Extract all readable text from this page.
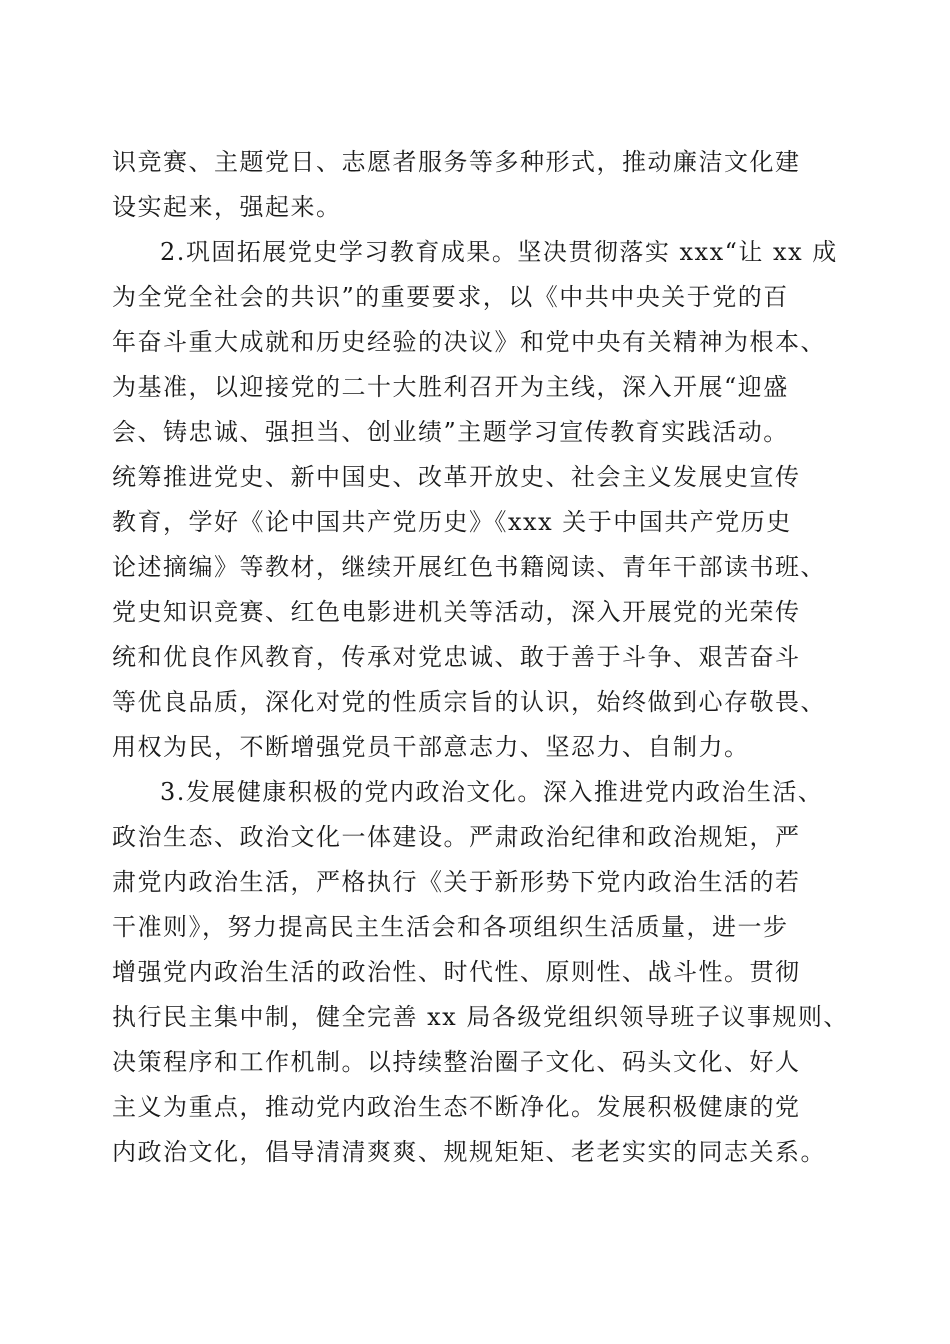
识竞赛、主题党日、志愿者服务等多种形式，推动廉洁文化建
设实起来，强起来。
2.巩固拓展党史学习教育成果。坚决贯彻落实 xxx“让 xx 成
为全党全社会的共识”的重要要求，以《中共中央关于党的百
年奋斗重大成就和历史经验的决议》和党中央有关精神为根本、
为基准，以迎接党的二十大胜利召开为主线，深入开展“迎盛
会、铸忠诚、强担当、创业绩”主题学习宣传教育实践活动。
统筹推进党史、新中国史、改革开放史、社会主义发展史宣传
教育，学好《论中国共产党历史》《xxx 关于中国共产党历史
论述摘编》等教材，继续开展红色书籍阅读、青年干部读书班、
党史知识竞赛、红色电影进机关等活动，深入开展党的光荣传
统和优良作风教育，传承对党忠诚、敢于善于斗争、艰苦奋斗
等优良品质，深化对党的性质宗旨的认识，始终做到心存敬畏、
用权为民，不断增强党员干部意志力、坚忍力、自制力。
3.发展健康积极的党内政治文化。深入推进党内政治生活、
政治生态、政治文化一体建设。严肃政治纪律和政治规矩，严
肃党内政治生活，严格执行《关于新形势下党内政治生活的若
干准则》，努力提高民主生活会和各项组织生活质量，进一步
增强党内政治生活的政治性、时代性、原则性、战斗性。贯彻
执行民主集中制，健全完善 xx 局各级党组织领导班子议事规则、
决策程序和工作机制。以持续整治圈子文化、码头文化、好人
主义为重点，推动党内政治生态不断净化。发展积极健康的党
内政治文化，倡导清清爽爽、规规矩矩、老老实实的同志关系。
